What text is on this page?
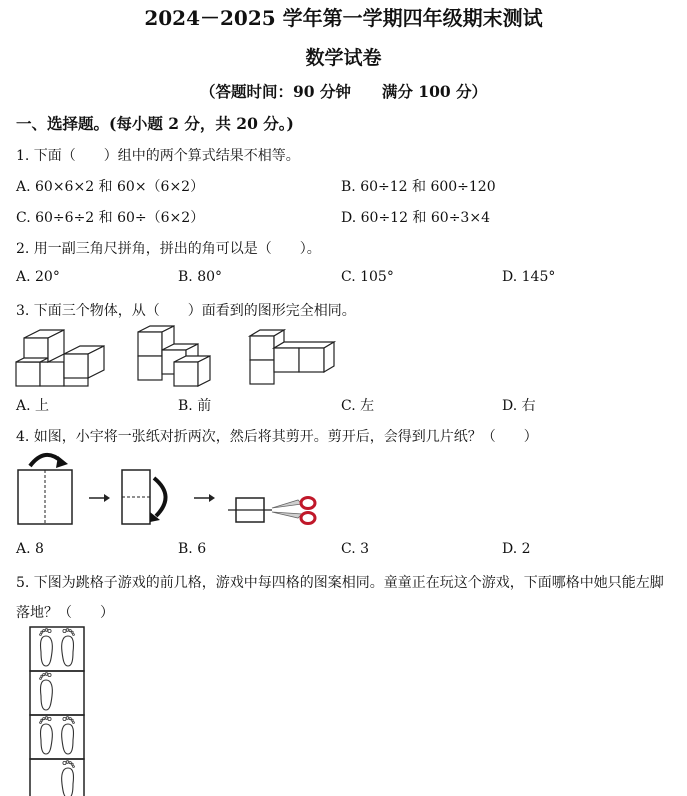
2024－2025 学年第一学期四年级期末测试
数学试卷
（答题时间：90 分钟　　满分 100 分）
一、选择题。(每小题 2 分，共 20 分。)
1. 下面（　　）组中的两个算式结果不相等。
A. 60×6×2 和 60×（6×2）	B. 60÷12 和 600÷120
C. 60÷6÷2 和 60÷（6×2）	D. 60÷12 和 60÷3×4
2. 用一副三角尺拼角，拼出的角可以是（　　）。
A. 20°	B. 80°	C. 105°	D. 145°
3. 下面三个物体，从（　　）面看到的图形完全相同。
A. 上	B. 前	C. 左	D. 右
4. 如图，小宇将一张纸对折两次，然后将其剪开。剪开后，会得到几片纸？（　　）
A. 8	B. 6	C. 3	D. 2
5. 下图为跳格子游戏的前几格，游戏中每四格的图案相同。童童正在玩这个游戏，下面哪格中她只能左脚
落地？（　　）
